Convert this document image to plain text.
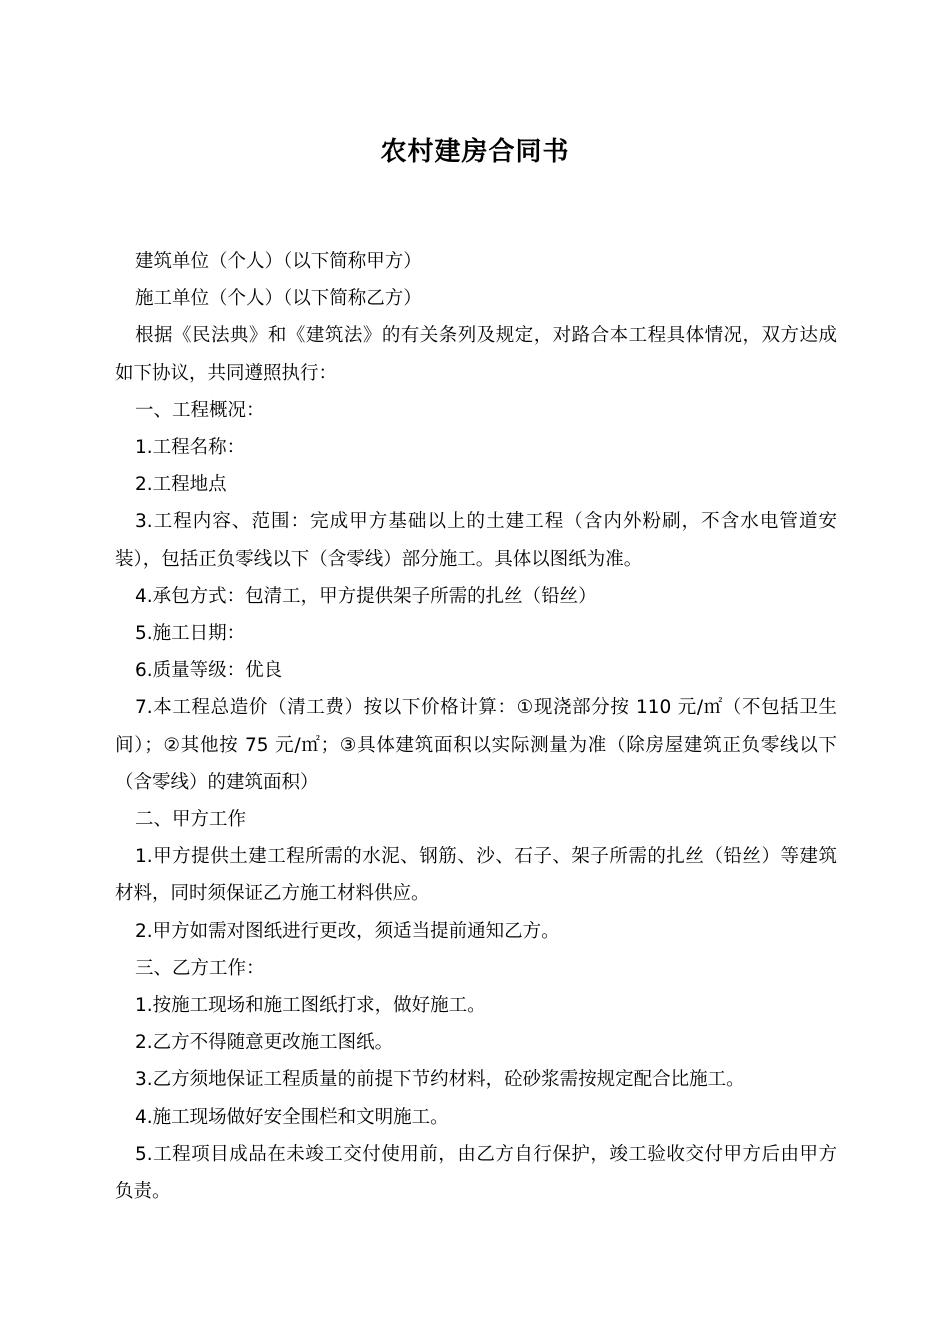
农村建房合同书

建筑单位（个人）（以下简称甲方）

施工单位（个人）（以下简称乙方）

根据《民法典》和《建筑法》的有关条列及规定，对路合本工程具体情况，双方达成如下协议，共同遵照执行：

一、工程概况：

1.工程名称：

2.工程地点

3.工程内容、范围：完成甲方基础以上的土建工程（含内外粉刷，不含水电管道安装），包括正负零线以下（含零线）部分施工。具体以图纸为准。

4.承包方式：包清工，甲方提供架子所需的扎丝（铅丝）

5.施工日期：

6.质量等级：优良

7.本工程总造价（清工费）按以下价格计算：①现浇部分按 110 元/㎡（不包括卫生间）；②其他按 75 元/㎡；③具体建筑面积以实际测量为准（除房屋建筑正负零线以下（含零线）的建筑面积）

二、甲方工作

1.甲方提供土建工程所需的水泥、钢筋、沙、石子、架子所需的扎丝（铅丝）等建筑材料，同时须保证乙方施工材料供应。

2.甲方如需对图纸进行更改，须适当提前通知乙方。

三、乙方工作：

1.按施工现场和施工图纸打求，做好施工。

2.乙方不得随意更改施工图纸。

3.乙方须地保证工程质量的前提下节约材料，砼砂浆需按规定配合比施工。

4.施工现场做好安全围栏和文明施工。

5.工程项目成品在未竣工交付使用前，由乙方自行保护，竣工验收交付甲方后由甲方负责。
